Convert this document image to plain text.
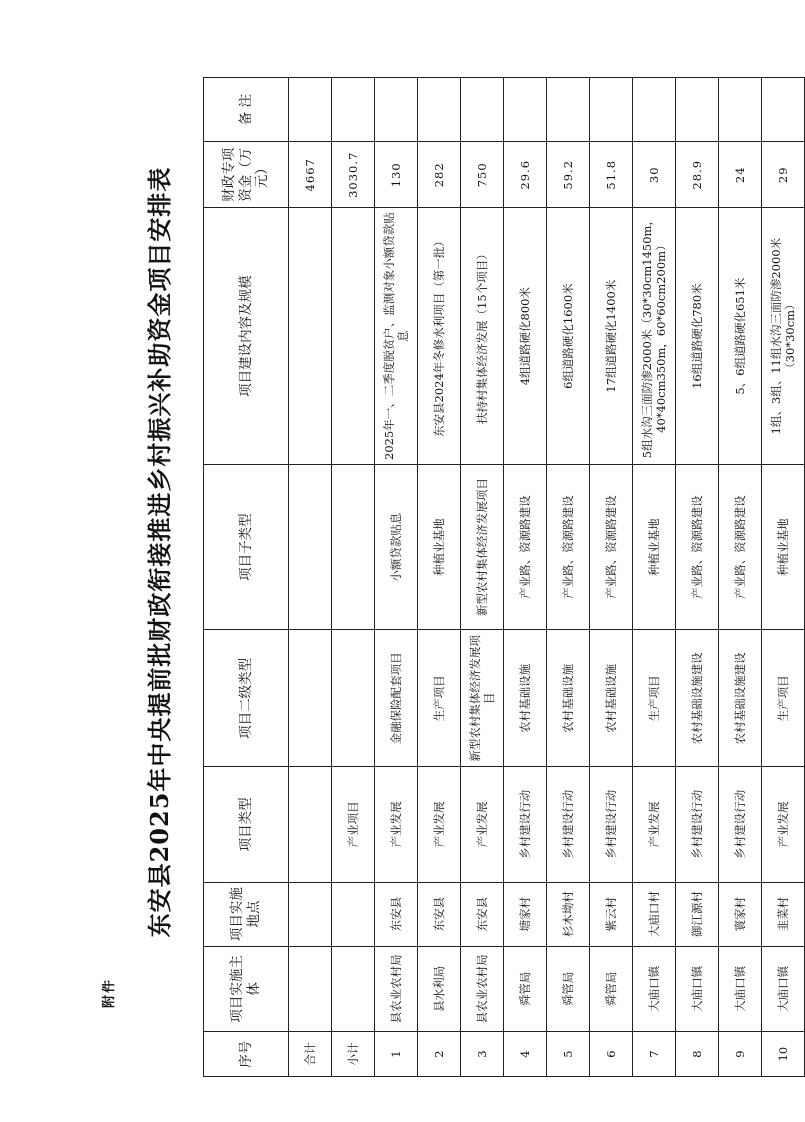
附件
东安县2025年中央提前批财政衔接推进乡村振兴补助资金项目安排表
序号	项目实施主体	项目实施地点	项目类型	项目二级类型	项目子类型	项目建设内容及规模	财政专项资金（万元）	备 注
合计							4667	
小计			产业项目				3030.7	
1	县农业农村局	东安县	产业发展	金融保险配套项目	小额贷款贴息	2025年一、二季度脱贫户、监测对象小额贷款贴息	130	
2	县水利局	东安县	产业发展	生产项目	种植业基地	东安县2024年冬修水利项目（第一批）	282	
3	县农业农村局	东安县	产业发展	新型农村集体经济发展项目	新型农村集体经济发展项目	扶持村集体经济发展（15个项目）	750	
4	舜管局	塘家村	乡村建设行动	农村基础设施	产业路、资源路建设	4组道路硬化800米	29.6	
5	舜管局	杉木坳村	乡村建设行动	农村基础设施	产业路、资源路建设	6组道路硬化1600米	59.2	
6	舜管局	紫云村	乡村建设行动	农村基础设施	产业路、资源路建设	17组道路硬化1400米	51.8	
7	大庙口镇	大庙口村	产业发展	生产项目	种植业基地	5组水沟三面防渗2000米（30*30cm1450m，40*40cm350m，60*60cm200m）	30	
8	大庙口镇	御江源村	乡村建设行动	农村基础设施建设	产业路、资源路建设	16组道路硬化780米	28.9	
9	大庙口镇	寰家村	乡村建设行动	农村基础设施建设	产业路、资源路建设	5、6组道路硬化651米	24	
10	大庙口镇	韭菜村	产业发展	生产项目	种植业基地	1组、3组、11组水沟三面防渗2000米（30*30cm）	29	
